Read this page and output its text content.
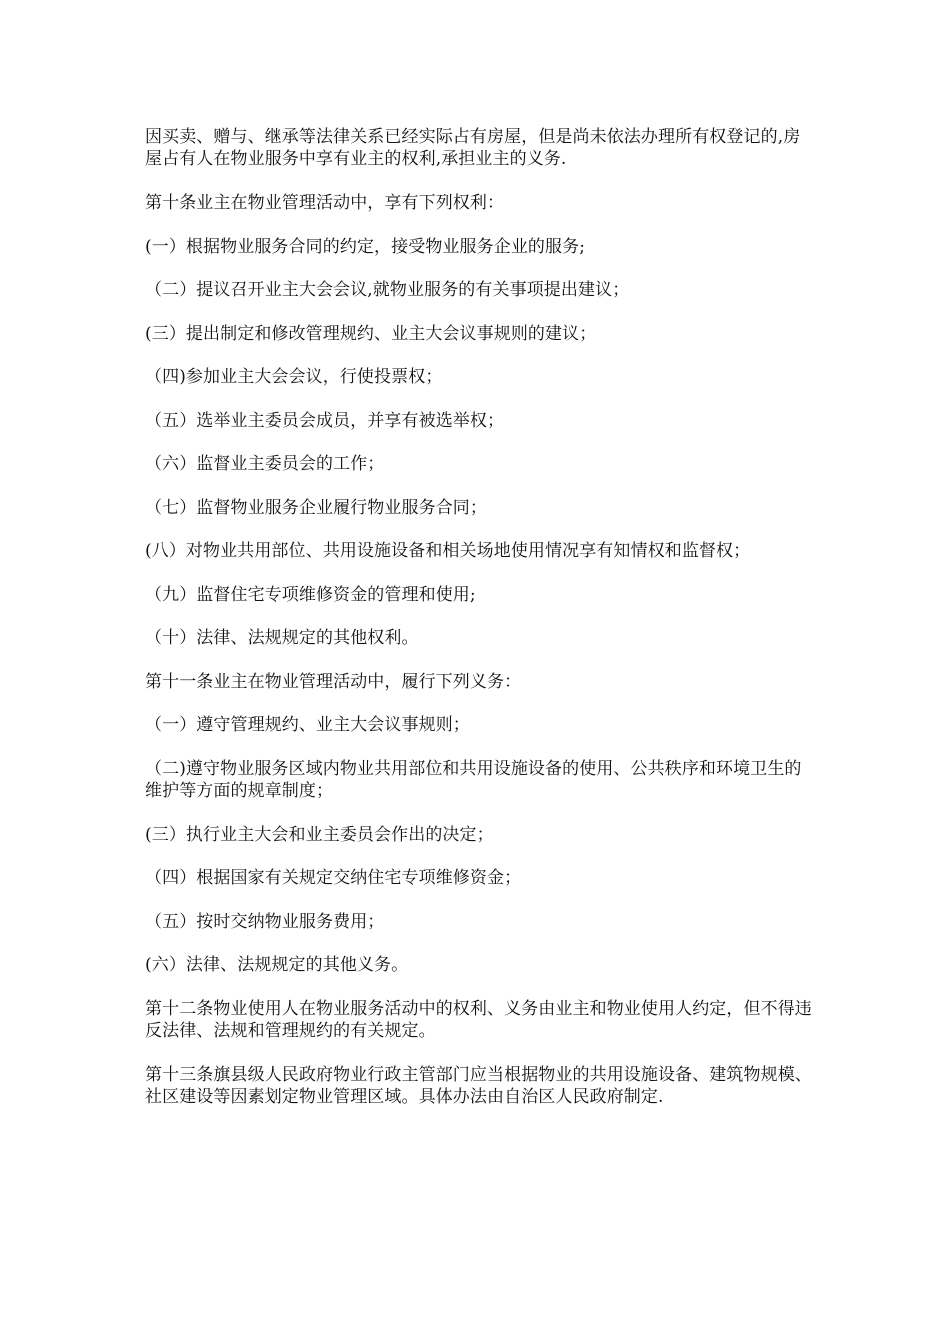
因买卖、赠与、继承等法律关系已经实际占有房屋，但是尚未依法办理所有权登记的,房屋占有人在物业服务中享有业主的权利,承担业主的义务.

第十条业主在物业管理活动中，享有下列权利：

(一）根据物业服务合同的约定，接受物业服务企业的服务;

（二）提议召开业主大会会议,就物业服务的有关事项提出建议；

(三）提出制定和修改管理规约、业主大会议事规则的建议；

（四)参加业主大会会议，行使投票权；

（五）选举业主委员会成员，并享有被选举权；

（六）监督业主委员会的工作；

（七）监督物业服务企业履行物业服务合同；

(八）对物业共用部位、共用设施设备和相关场地使用情况享有知情权和监督权；

（九）监督住宅专项维修资金的管理和使用;

（十）法律、法规规定的其他权利。

第十一条业主在物业管理活动中，履行下列义务：

（一）遵守管理规约、业主大会议事规则；

（二)遵守物业服务区域内物业共用部位和共用设施设备的使用、公共秩序和环境卫生的维护等方面的规章制度；

(三）执行业主大会和业主委员会作出的决定；

（四）根据国家有关规定交纳住宅专项维修资金；

（五）按时交纳物业服务费用；

(六）法律、法规规定的其他义务。

第十二条物业使用人在物业服务活动中的权利、义务由业主和物业使用人约定，但不得违反法律、法规和管理规约的有关规定。

第十三条旗县级人民政府物业行政主管部门应当根据物业的共用设施设备、建筑物规模、社区建设等因素划定物业管理区域。具体办法由自治区人民政府制定.
